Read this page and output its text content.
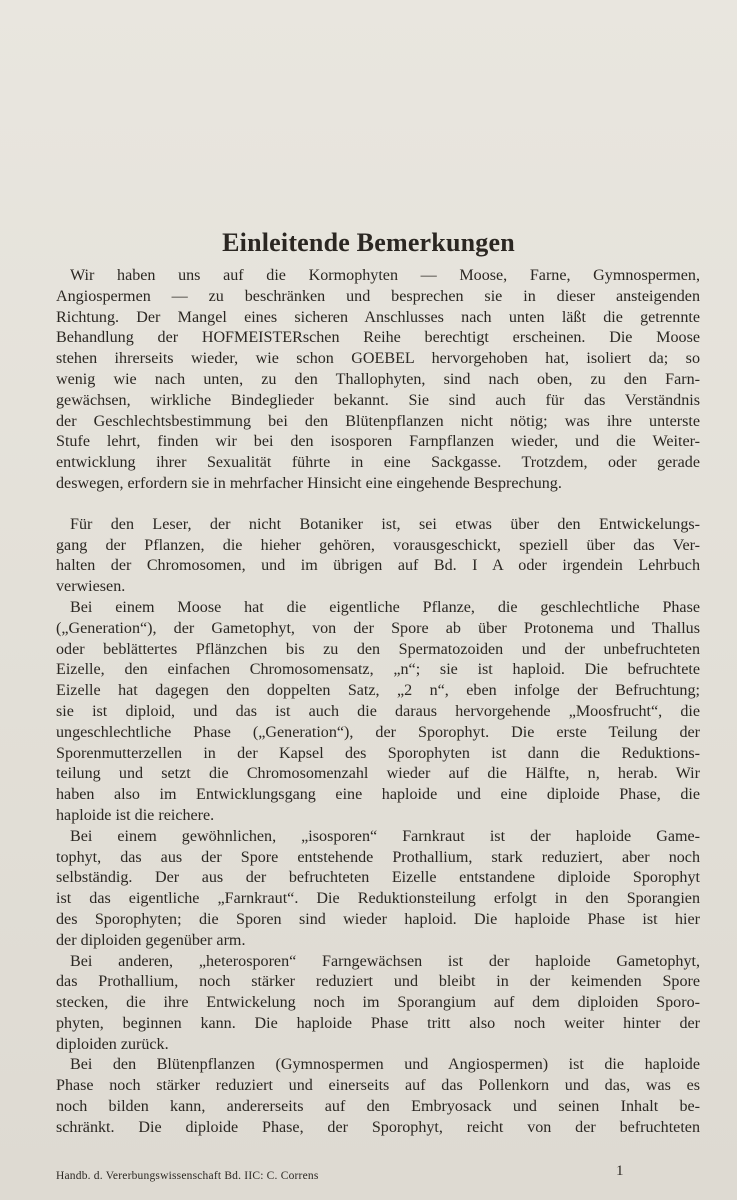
Einleitende Bemerkungen

Wir haben uns auf die Kormophyten — Moose, Farne, Gymnospermen,
Angiospermen — zu beschränken und besprechen sie in dieser ansteigenden
Richtung. Der Mangel eines sicheren Anschlusses nach unten läßt die getrennte
Behandlung der HOFMEISTERschen Reihe berechtigt erscheinen. Die Moose
stehen ihrerseits wieder, wie schon GOEBEL hervorgehoben hat, isoliert da; so
wenig wie nach unten, zu den Thallophyten, sind nach oben, zu den Farn-
gewächsen, wirkliche Bindeglieder bekannt. Sie sind auch für das Verständnis
der Geschlechtsbestimmung bei den Blütenpflanzen nicht nötig; was ihre unterste
Stufe lehrt, finden wir bei den isosporen Farnpflanzen wieder, und die Weiter-
entwicklung ihrer Sexualität führte in eine Sackgasse. Trotzdem, oder gerade
deswegen, erfordern sie in mehrfacher Hinsicht eine eingehende Besprechung.

Für den Leser, der nicht Botaniker ist, sei etwas über den Entwickelungs-
gang der Pflanzen, die hieher gehören, vorausgeschickt, speziell über das Ver-
halten der Chromosomen, und im übrigen auf Bd. I A oder irgendein Lehrbuch
verwiesen.

Bei einem Moose hat die eigentliche Pflanze, die geschlechtliche Phase
(„Generation“), der Gametophyt, von der Spore ab über Protonema und Thallus
oder beblättertes Pflänzchen bis zu den Spermatozoiden und der unbefruchteten
Eizelle, den einfachen Chromosomensatz, „n“; sie ist haploid. Die befruchtete
Eizelle hat dagegen den doppelten Satz, „2 n“, eben infolge der Befruchtung;
sie ist diploid, und das ist auch die daraus hervorgehende „Moosfrucht“, die
ungeschlechtliche Phase („Generation“), der Sporophyt. Die erste Teilung der
Sporenmutterzellen in der Kapsel des Sporophyten ist dann die Reduktions-
teilung und setzt die Chromosomenzahl wieder auf die Hälfte, n, herab. Wir
haben also im Entwicklungsgang eine haploide und eine diploide Phase, die
haploide ist die reichere.

Bei einem gewöhnlichen, „isosporen“ Farnkraut ist der haploide Game-
tophyt, das aus der Spore entstehende Prothallium, stark reduziert, aber noch
selbständig. Der aus der befruchteten Eizelle entstandene diploide Sporophyt
ist das eigentliche „Farnkraut“. Die Reduktionsteilung erfolgt in den Sporangien
des Sporophyten; die Sporen sind wieder haploid. Die haploide Phase ist hier
der diploiden gegenüber arm.

Bei anderen, „heterosporen“ Farngewächsen ist der haploide Gametophyt,
das Prothallium, noch stärker reduziert und bleibt in der keimenden Spore
stecken, die ihre Entwickelung noch im Sporangium auf dem diploiden Sporo-
phyten, beginnen kann. Die haploide Phase tritt also noch weiter hinter der
diploiden zurück.

Bei den Blütenpflanzen (Gymnospermen und Angiospermen) ist die haploide
Phase noch stärker reduziert und einerseits auf das Pollenkorn und das, was es
noch bilden kann, andererseits auf den Embryosack und seinen Inhalt be-
schränkt. Die diploide Phase, der Sporophyt, reicht von der befruchteten

Handb. d. Vererbungswissenschaft Bd. IIC: C. Correns	1
